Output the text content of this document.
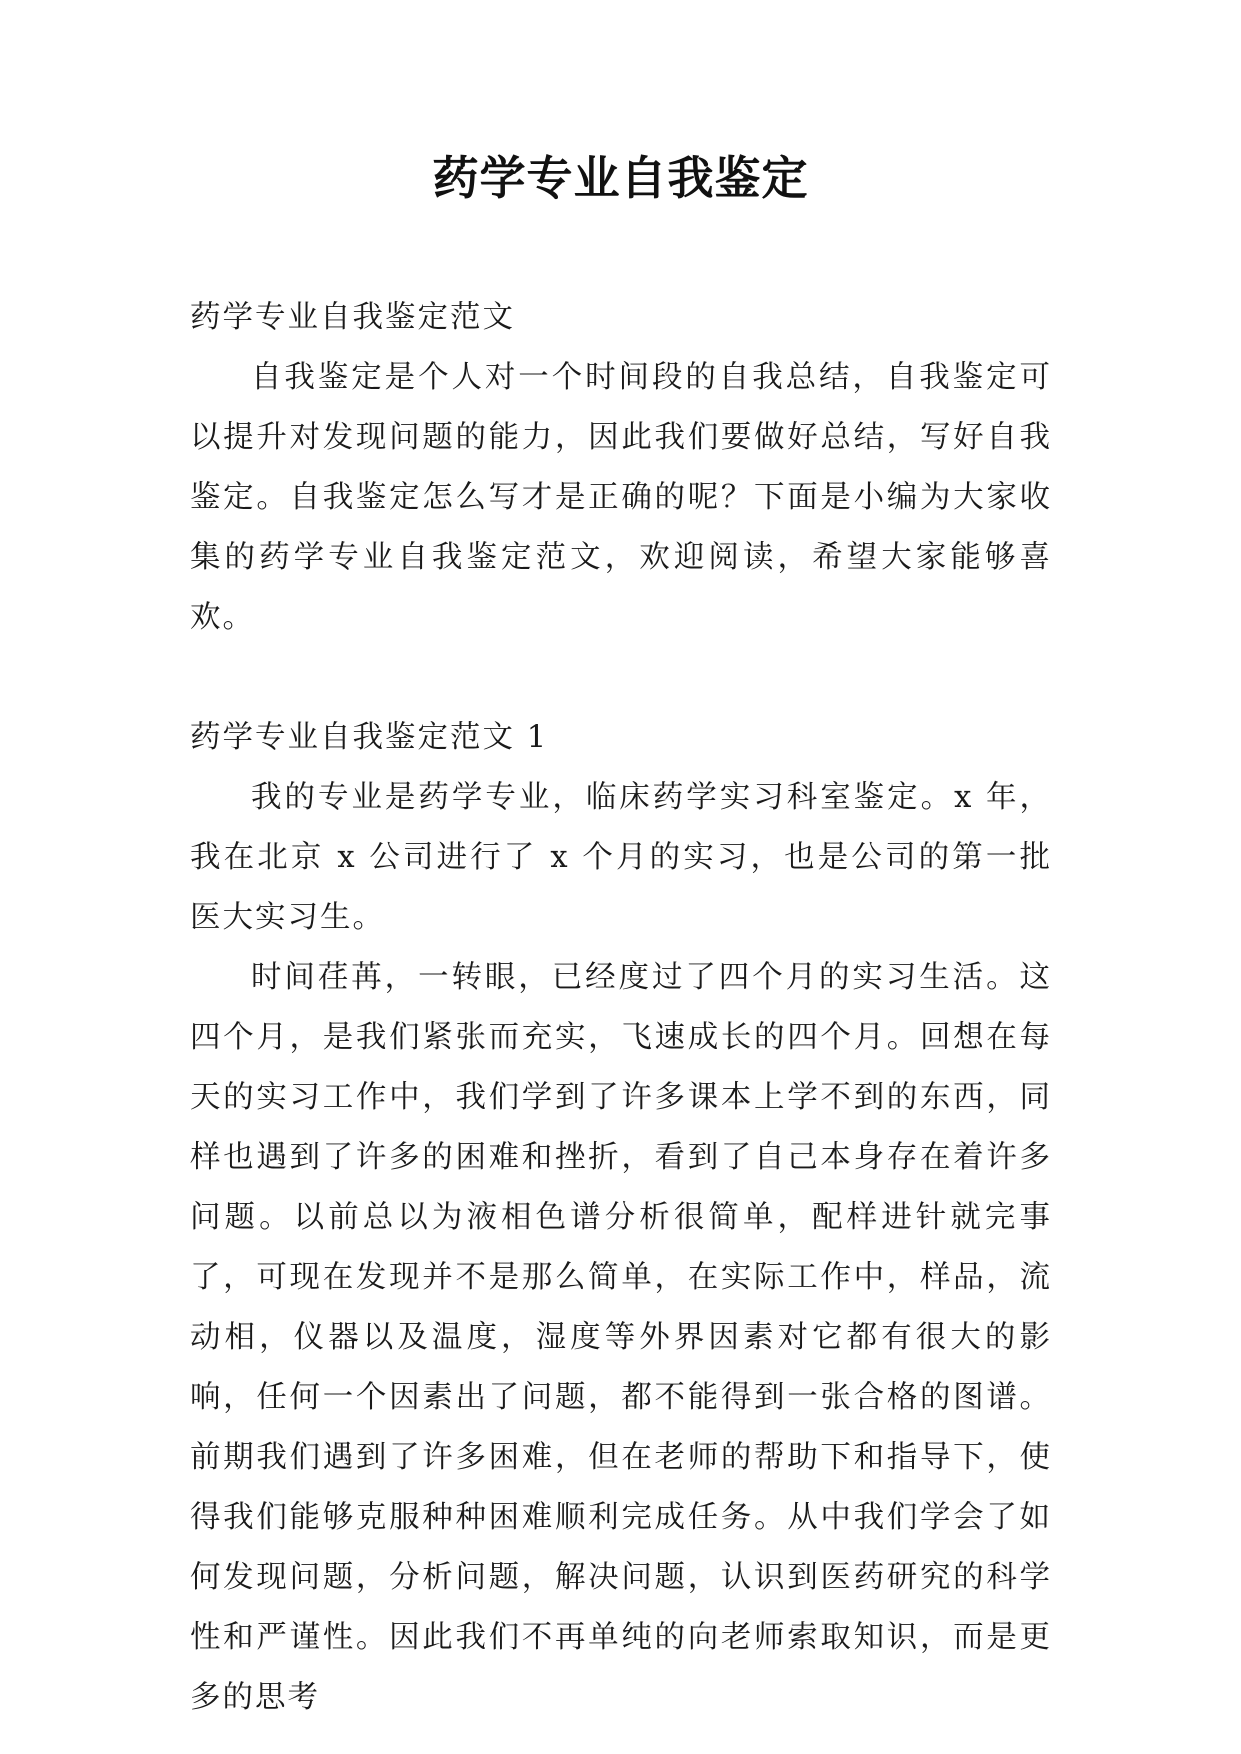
药学专业自我鉴定

药学专业自我鉴定范文

自我鉴定是个人对一个时间段的自我总结，自我鉴定可以提升对发现问题的能力，因此我们要做好总结，写好自我鉴定。自我鉴定怎么写才是正确的呢？下面是小编为大家收集的药学专业自我鉴定范文，欢迎阅读，希望大家能够喜欢。

药学专业自我鉴定范文 1

我的专业是药学专业，临床药学实习科室鉴定。x 年，我在北京 x 公司进行了 x 个月的实习，也是公司的第一批医大实习生。

时间荏苒，一转眼，已经度过了四个月的实习生活。这四个月，是我们紧张而充实，飞速成长的四个月。回想在每天的实习工作中，我们学到了许多课本上学不到的东西，同样也遇到了许多的困难和挫折，看到了自己本身存在着许多问题。以前总以为液相色谱分析很简单，配样进针就完事了，可现在发现并不是那么简单，在实际工作中，样品，流动相，仪器以及温度，湿度等外界因素对它都有很大的影响，任何一个因素出了问题，都不能得到一张合格的图谱。前期我们遇到了许多困难，但在老师的帮助下和指导下，使得我们能够克服种种困难顺利完成任务。从中我们学会了如何发现问题，分析问题，解决问题，认识到医药研究的科学性和严谨性。因此我们不再单纯的向老师索取知识，而是更多的思考
